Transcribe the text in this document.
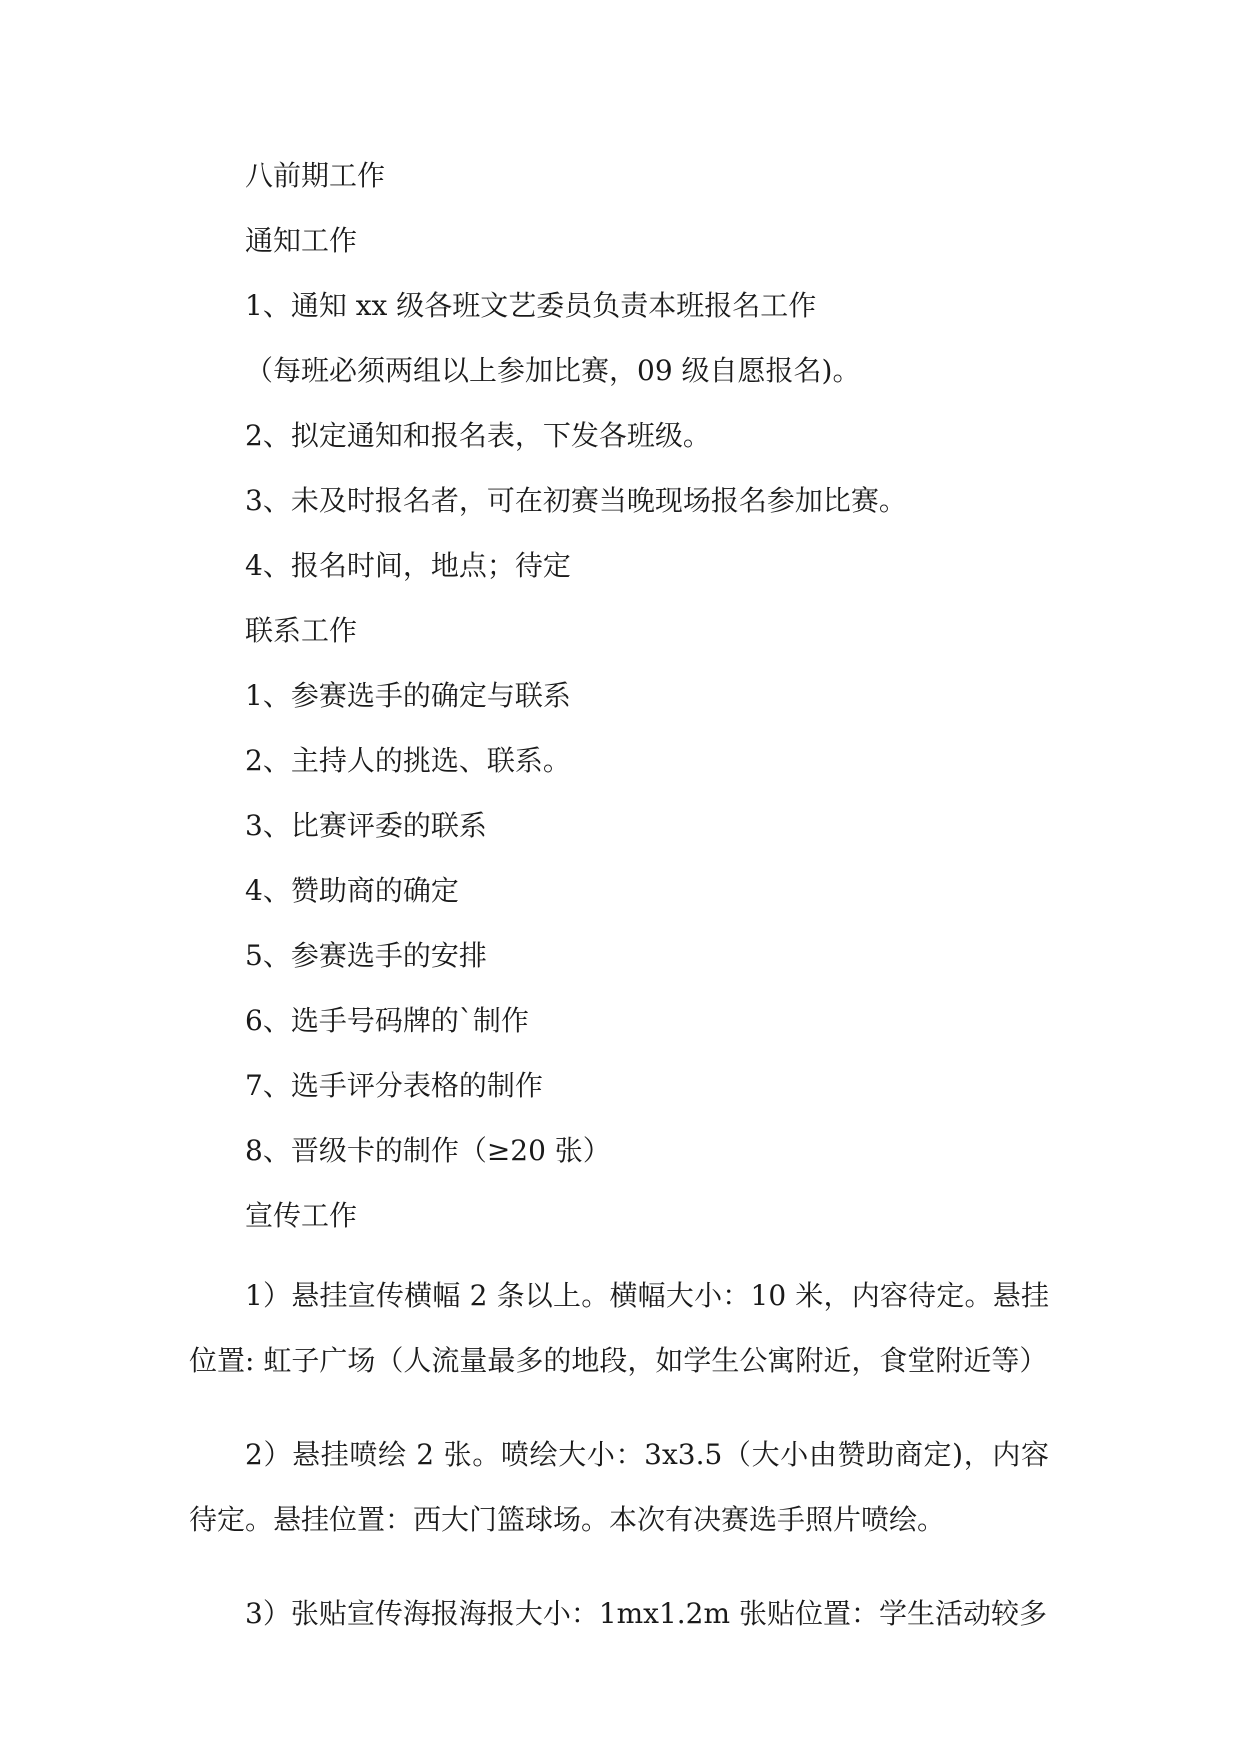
八前期工作

通知工作

1、通知 xx 级各班文艺委员负责本班报名工作

（每班必须两组以上参加比赛，09 级自愿报名)。

2、拟定通知和报名表，下发各班级。

3、未及时报名者，可在初赛当晚现场报名参加比赛。

4、报名时间，地点；待定

联系工作

1、参赛选手的确定与联系

2、主持人的挑选、联系。

3、比赛评委的联系

4、赞助商的确定

5、参赛选手的安排

6、选手号码牌的`制作

7、选手评分表格的制作

8、晋级卡的制作（≥20 张）

宣传工作

1）悬挂宣传横幅 2 条以上。横幅大小：10 米，内容待定。悬挂位置: 虹子广场（人流量最多的地段，如学生公寓附近，食堂附近等）

2）悬挂喷绘 2 张。喷绘大小：3x3.5（大小由赞助商定)，内容待定。悬挂位置：西大门篮球场。本次有决赛选手照片喷绘。

3）张贴宣传海报海报大小：1mx1.2m 张贴位置：学生活动较多
